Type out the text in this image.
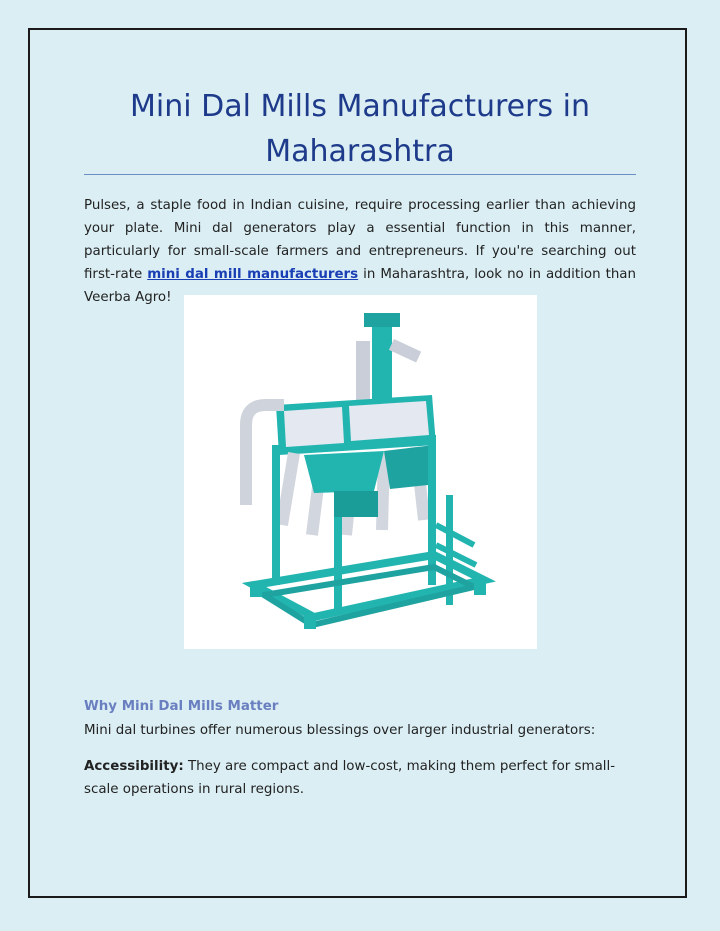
Mini Dal Mills Manufacturers in Maharashtra

Pulses, a staple food in Indian cuisine, require processing earlier than achieving your plate. Mini dal generators play a essential function in this manner, particularly for small-scale farmers and entrepreneurs. If you're searching out first-rate mini dal mill manufacturers in Maharashtra, look no in addition than Veerba Agro!

Why Mini Dal Mills Matter

Mini dal turbines offer numerous blessings over larger industrial generators:

Accessibility: They are compact and low-cost, making them perfect for small-scale operations in rural regions.
